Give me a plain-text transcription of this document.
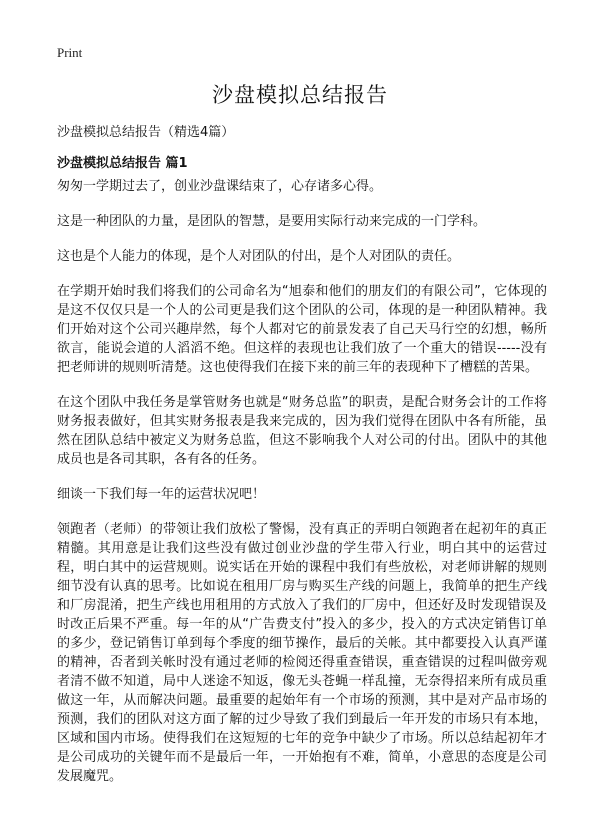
Print
沙盘模拟总结报告

沙盘模拟总结报告（精选4篇）

沙盘模拟总结报告 篇1

匆匆一学期过去了，创业沙盘课结束了，心存诸多心得。

这是一种团队的力量，是团队的智慧，是要用实际行动来完成的一门学科。

这也是个人能力的体现，是个人对团队的付出，是个人对团队的责任。

在学期开始时我们将我们的公司命名为“旭泰和他们的朋友们的有限公司”，它体现的是这不仅仅只是一个人的公司更是我们这个团队的公司，体现的是一种团队精神。我们开始对这个公司兴趣岸然，每个人都对它的前景发表了自己天马行空的幻想，畅所欲言，能说会道的人滔滔不绝。但这样的表现也让我们放了一个重大的错误-----没有把老师讲的规则听清楚。这也使得我们在接下来的前三年的表现种下了槽糕的苦果。

在这个团队中我任务是掌管财务也就是“财务总监”的职责，是配合财务会计的工作将财务报表做好，但其实财务报表是我来完成的，因为我们觉得在团队中各有所能，虽然在团队总结中被定义为财务总监，但这不影响我个人对公司的付出。团队中的其他成员也是各司其职，各有各的任务。

细谈一下我们每一年的运营状况吧！

领跑者（老师）的带领让我们放松了警惕，没有真正的弄明白领跑者在起初年的真正精髓。其用意是让我们这些没有做过创业沙盘的学生带入行业，明白其中的运营过程，明白其中的运营规则。说实话在开始的课程中我们有些放松，对老师讲解的规则细节没有认真的思考。比如说在租用厂房与购买生产线的问题上，我简单的把生产线和厂房混淆，把生产线也用租用的方式放入了我们的厂房中，但还好及时发现错误及时改正后果不严重。每一年的从“广告费支付”投入的多少，投入的方式决定销售订单的多少，登记销售订单到每个季度的细节操作，最后的关帐。其中都要投入认真严谨的精神，否者到关帐时没有通过老师的检阅还得重查错误，重查错误的过程叫做旁观者清不做不知道，局中人迷途不知返，像无头苍蝇一样乱撞，无奈得招来所有成员重做这一年，从而解决问题。最重要的起始年有一个市场的预测，其中是对产品市场的预测，我们的团队对这方面了解的过少导致了我们到最后一年开发的市场只有本地，区域和国内市场。使得我们在这短短的七年的竞争中缺少了市场。所以总结起初年才是公司成功的关键年而不是最后一年，一开始抱有不难，简单，小意思的态度是公司发展魔咒。
